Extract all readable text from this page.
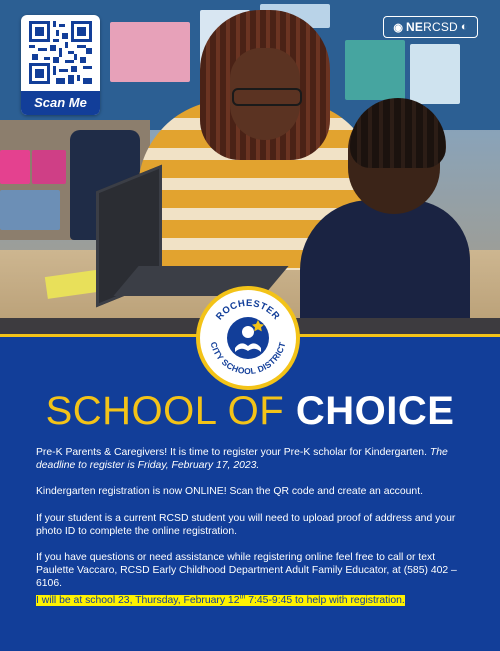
Scan Me
◉ NERCSD ◐
ROCHESTER
CITY SCHOOL DISTRICT
SCHOOL OF CHOICE

Pre-K Parents & Caregivers! It is time to register your Pre-K scholar for Kindergarten. The deadline to register is Friday, February 17, 2023.

Kindergarten registration is now ONLINE! Scan the QR code and create an account.

If your student is a current RCSD student you will need to upload proof of address and your photo ID to complete the online registration.

If you have questions or need assistance while registering online feel free to call or text Paulette Vaccaro, RCSD Early Childhood Department Adult Family Educator, at (585) 402 – 6106.

I will be at school 23, Thursday, February 12th 7:45-9:45 to help with registration.
